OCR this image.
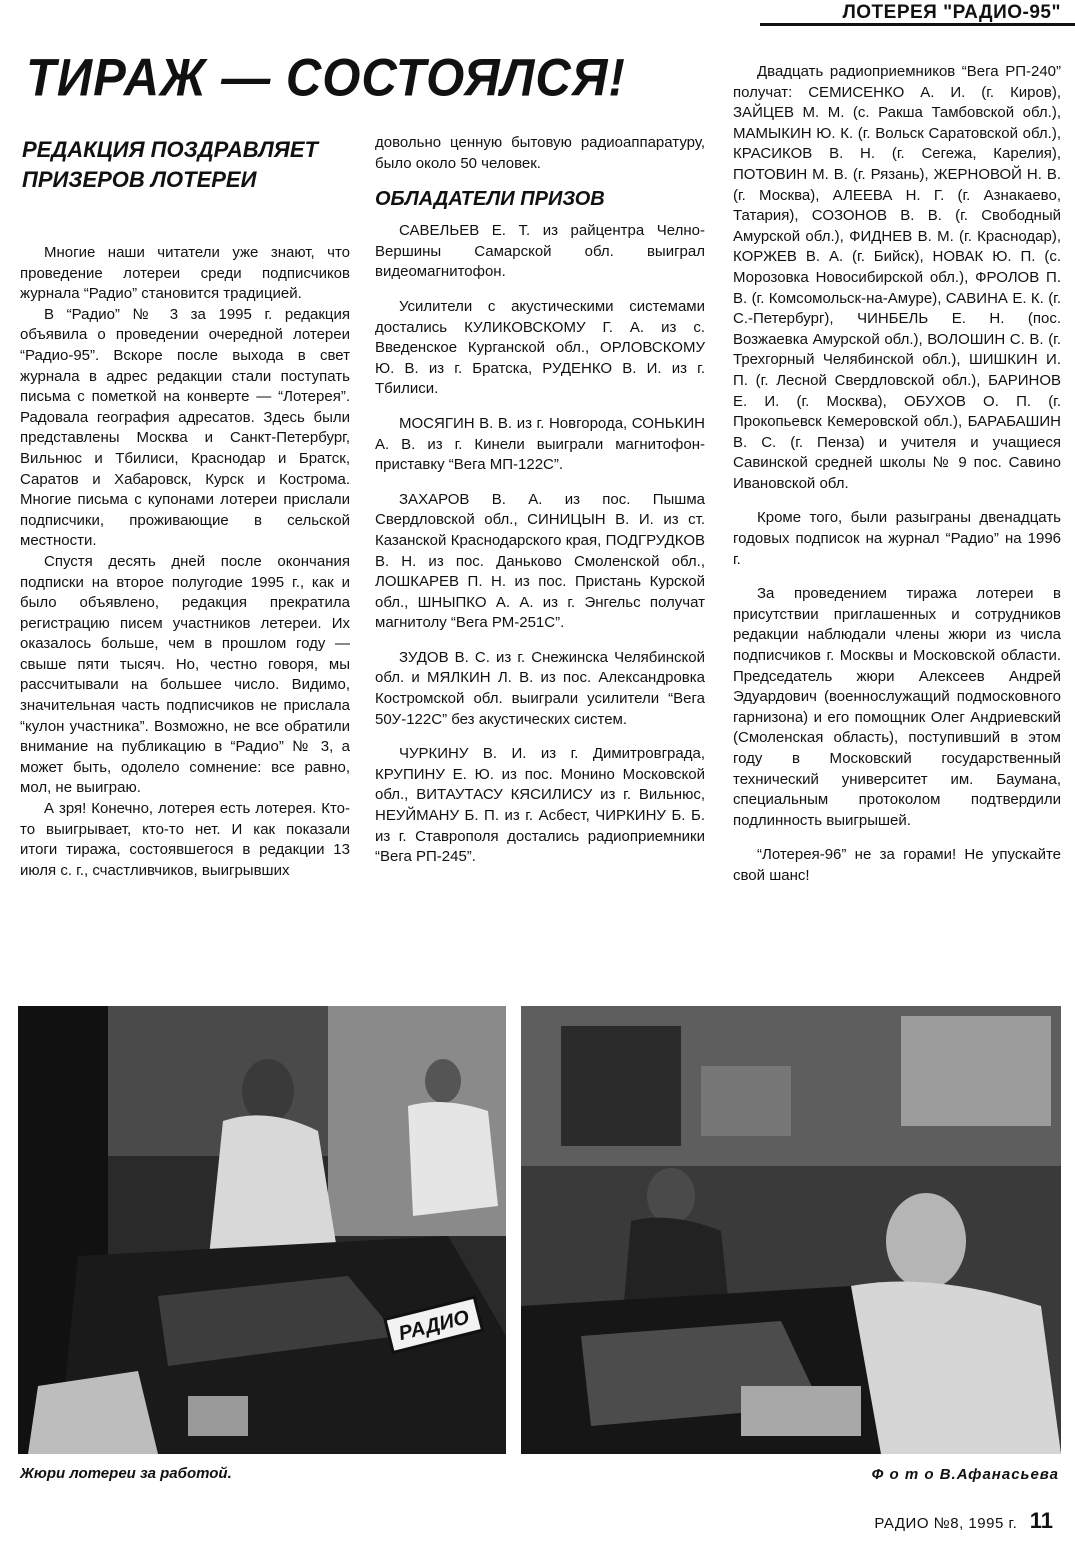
ЛОТЕРЕЯ "РАДИО-95"
ТИРАЖ — СОСТОЯЛСЯ!
РЕДАКЦИЯ ПОЗДРАВЛЯЕТ ПРИЗЕРОВ ЛОТЕРЕИ

Многие наши читатели уже знают, что проведение лотереи среди подписчиков журнала “Радио” становится традицией.

В “Радио” № 3 за 1995 г. редакция объявила о проведении очередной лотереи “Радио-95”. Вскоре после выхода в свет журнала в адрес редакции стали поступать письма с пометкой на конверте — “Лотерея”. Радовала география адресатов. Здесь были представлены Москва и Санкт-Петербург, Вильнюс и Тбилиси, Краснодар и Братск, Саратов и Хабаровск, Курск и Кострома. Многие письма с купонами лотереи прислали подписчики, проживающие в сельской местности.

Спустя десять дней после окончания подписки на второе полугодие 1995 г., как и было объявлено, редакция прекратила регистрацию писем участников летереи. Их оказалось больше, чем в прошлом году — свыше пяти тысяч. Но, честно говоря, мы рассчитывали на большее число. Видимо, значительная часть подписчиков не прислала “кулон участника”. Возможно, не все обратили внимание на публикацию в “Радио” № 3, а может быть, одолело сомнение: все равно, мол, не выиграю.

А зря! Конечно, лотерея есть лотерея. Кто-то выигрывает, кто-то нет. И как показали итоги тиража, состоявшегося в редакции 13 июля с. г., счастливчиков, выигрывших

довольно ценную бытовую радиоаппаратуру, было около 50 человек.

ОБЛАДАТЕЛИ ПРИЗОВ

САВЕЛЬЕВ Е. Т. из райцентра Челно-Вершины Самарской обл. выиграл видеомагнитофон.

Усилители с акустическими системами достались КУЛИКОВСКОМУ Г. А. из с. Введенское Курганской обл., ОРЛОВСКОМУ Ю. В. из г. Братска, РУДЕНКО В. И. из г. Тбилиси.

МОСЯГИН В. В. из г. Новгорода, СОНЬКИН А. В. из г. Кинели выиграли магнитофон-приставку “Вега МП-122С”.

ЗАХАРОВ В. А. из пос. Пышма Свердловской обл., СИНИЦЫН В. И. из ст. Казанской Краснодарского края, ПОДГРУДКОВ В. Н. из пос. Даньково Смоленской обл., ЛОШКАРЕВ П. Н. из пос. Пристань Курской обл., ШНЫПКО А. А. из г. Энгельс получат магнитолу “Вега РМ-251С”.

ЗУДОВ В. С. из г. Снежинска Челябинской обл. и МЯЛКИН Л. В. из пос. Александровка Костромской обл. выиграли усилители “Вега 50У-122С” без акустических систем.

ЧУРКИНУ В. И. из г. Димитровграда, КРУПИНУ Е. Ю. из пос. Монино Московской обл., ВИТАУТАСУ КЯСИЛИСУ из г. Вильнюс, НЕУЙМАНУ Б. П. из г. Асбест, ЧИРКИНУ Б. Б. из г. Ставрополя достались радиоприемники “Вега РП-245”.

Двадцать радиоприемников “Вега РП-240” получат: СЕМИСЕНКО А. И. (г. Киров), ЗАЙЦЕВ М. М. (с. Ракша Тамбовской обл.), МАМЫКИН Ю. К. (г. Вольск Саратовской обл.), КРАСИКОВ В. Н. (г. Сегежа, Карелия), ПОТОВИН М. В. (г. Рязань), ЖЕРНОВОЙ Н. В. (г. Москва), АЛЕЕВА Н. Г. (г. Азнакаево, Татария), СОЗОНОВ В. В. (г. Свободный Амурской обл.), ФИДНЕВ В. М. (г. Краснодар), КОРЖЕВ В. А. (г. Бийск), НОВАК Ю. П. (с. Морозовка Новосибирской обл.), ФРОЛОВ П. В. (г. Комсомольск-на-Амуре), САВИНА Е. К. (г. С.-Петербург), ЧИНБЕЛЬ Е. Н. (пос. Возжаевка Амурской обл.), ВОЛОШИН С. В. (г. Трехгорный Челябинской обл.), ШИШКИН И. П. (г. Лесной Свердловской обл.), БАРИНОВ Е. И. (г. Москва), ОБУХОВ О. П. (г. Прокопьевск Кемеровской обл.), БАРАБАШИН В. С. (г. Пенза) и учителя и учащиеся Савинской средней школы № 9 пос. Савино Ивановской обл.

Кроме того, были разыграны двенадцать годовых подписок на журнал “Радио” на 1996 г.

За проведением тиража лотереи в присутствии приглашенных и сотрудников редакции наблюдали члены жюри из числа подписчиков г. Москвы и Московской области. Председатель жюри Алексеев Андрей Эдуардович (военнослужащий подмосковного гарнизона) и его помощник Олег Андриевский (Смоленская область), поступивший в этом году в Московский государственный технический университет им. Баумана, специальным протоколом подтвердили подлинность выигрышей.

“Лотерея-96” не за горами! Не упускайте свой шанс!

РАДИО
Жюри лотереи за работой.	Ф о т о В.Афанасьева
РАДИО №8, 1995 г. 11
